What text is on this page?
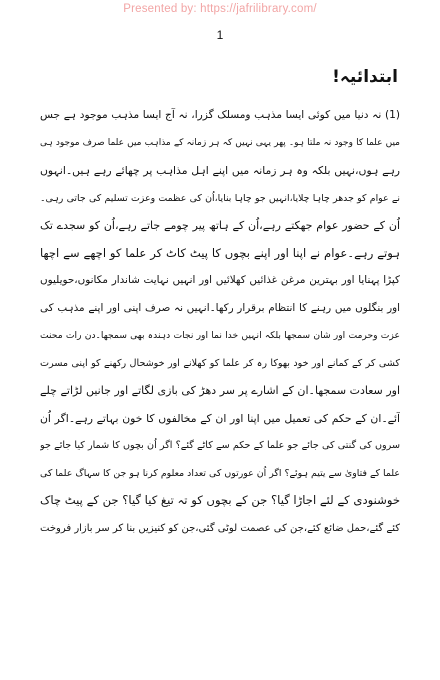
Presented by: https://jafrilibrary.com/
1
ابتدائیہ!
(1) نہ دنیا میں کوئی ایسا مذہب ومسلک گزرا، نہ آج ایسا مذہب موجود ہے جس
میں علما کا وجود نہ ملتا ہو۔ پھر یہی نہیں کہ ہر زمانہ کے مذاہب میں علما صرف موجود ہی
رہے ہوں،نہیں بلکہ وہ ہر زمانہ میں اپنے اہل مذاہب پر چھائے رہے ہیں۔انہوں
نے عوام کو جدھر چاہا چلایا،انہیں جو چاہا بنایا،اُن کی عظمت وعزت تسلیم کی جاتی رہی۔
اُن کے حضور عوام جھکتے رہے،اُن کے ہاتھ پیر چومے جاتے رہے،اُن کو سجدے تک
ہوتے رہے۔عوام نے اپنا اور اپنے بچوں کا پیٹ کاٹ کر علما کو اچھے سے اچھا
کپڑا پہنایا اور بہترین مرغن غذائیں کھلائیں اور انہیں نہایت شاندار مکانوں،حویلیوں
اور بنگلوں میں رہنے کا انتظام برقرار رکھا۔انہیں نہ صرف اپنی اور اپنے مذہب کی
عزت وحرمت اور شان سمجھا بلکہ انہیں خدا نما اور نجات دہندہ بھی سمجھا۔دن رات محنت
کشی کر کے کمانے اور خود بھوکا رہ کر علما کو کھلانے اور خوشحال رکھنے کو اپنی مسرت
اور سعادت سمجھا۔ان کے اشارے پر سر دھڑ کی بازی لگاتے اور جانیں لڑاتے چلے
آئے۔ان کے حکم کی تعمیل میں اپنا اور ان کے مخالفوں کا خون بہاتے رہے۔اگر اُن
سروں کی گنتی کی جائے جو علما کے حکم سے کاٹے گئے؟ اگر اُن بچوں کا شمار کیا جائے جو
علما کے فتاویٰ سے یتیم ہوئے؟ اگر اُن عورتوں کی تعداد معلوم کرنا ہو جن کا سہاگ علما کی
خوشنودی کے لئے اجاڑا گیا؟ جن کے بچوں کو تہ تیغ کیا گیا؟ جن کے پیٹ چاک
کئے گئے،حمل ضائع کئے،جن کی عصمت لوٹی گئی،جن کو کنیزیں بنا کر سر بازار فروخت
